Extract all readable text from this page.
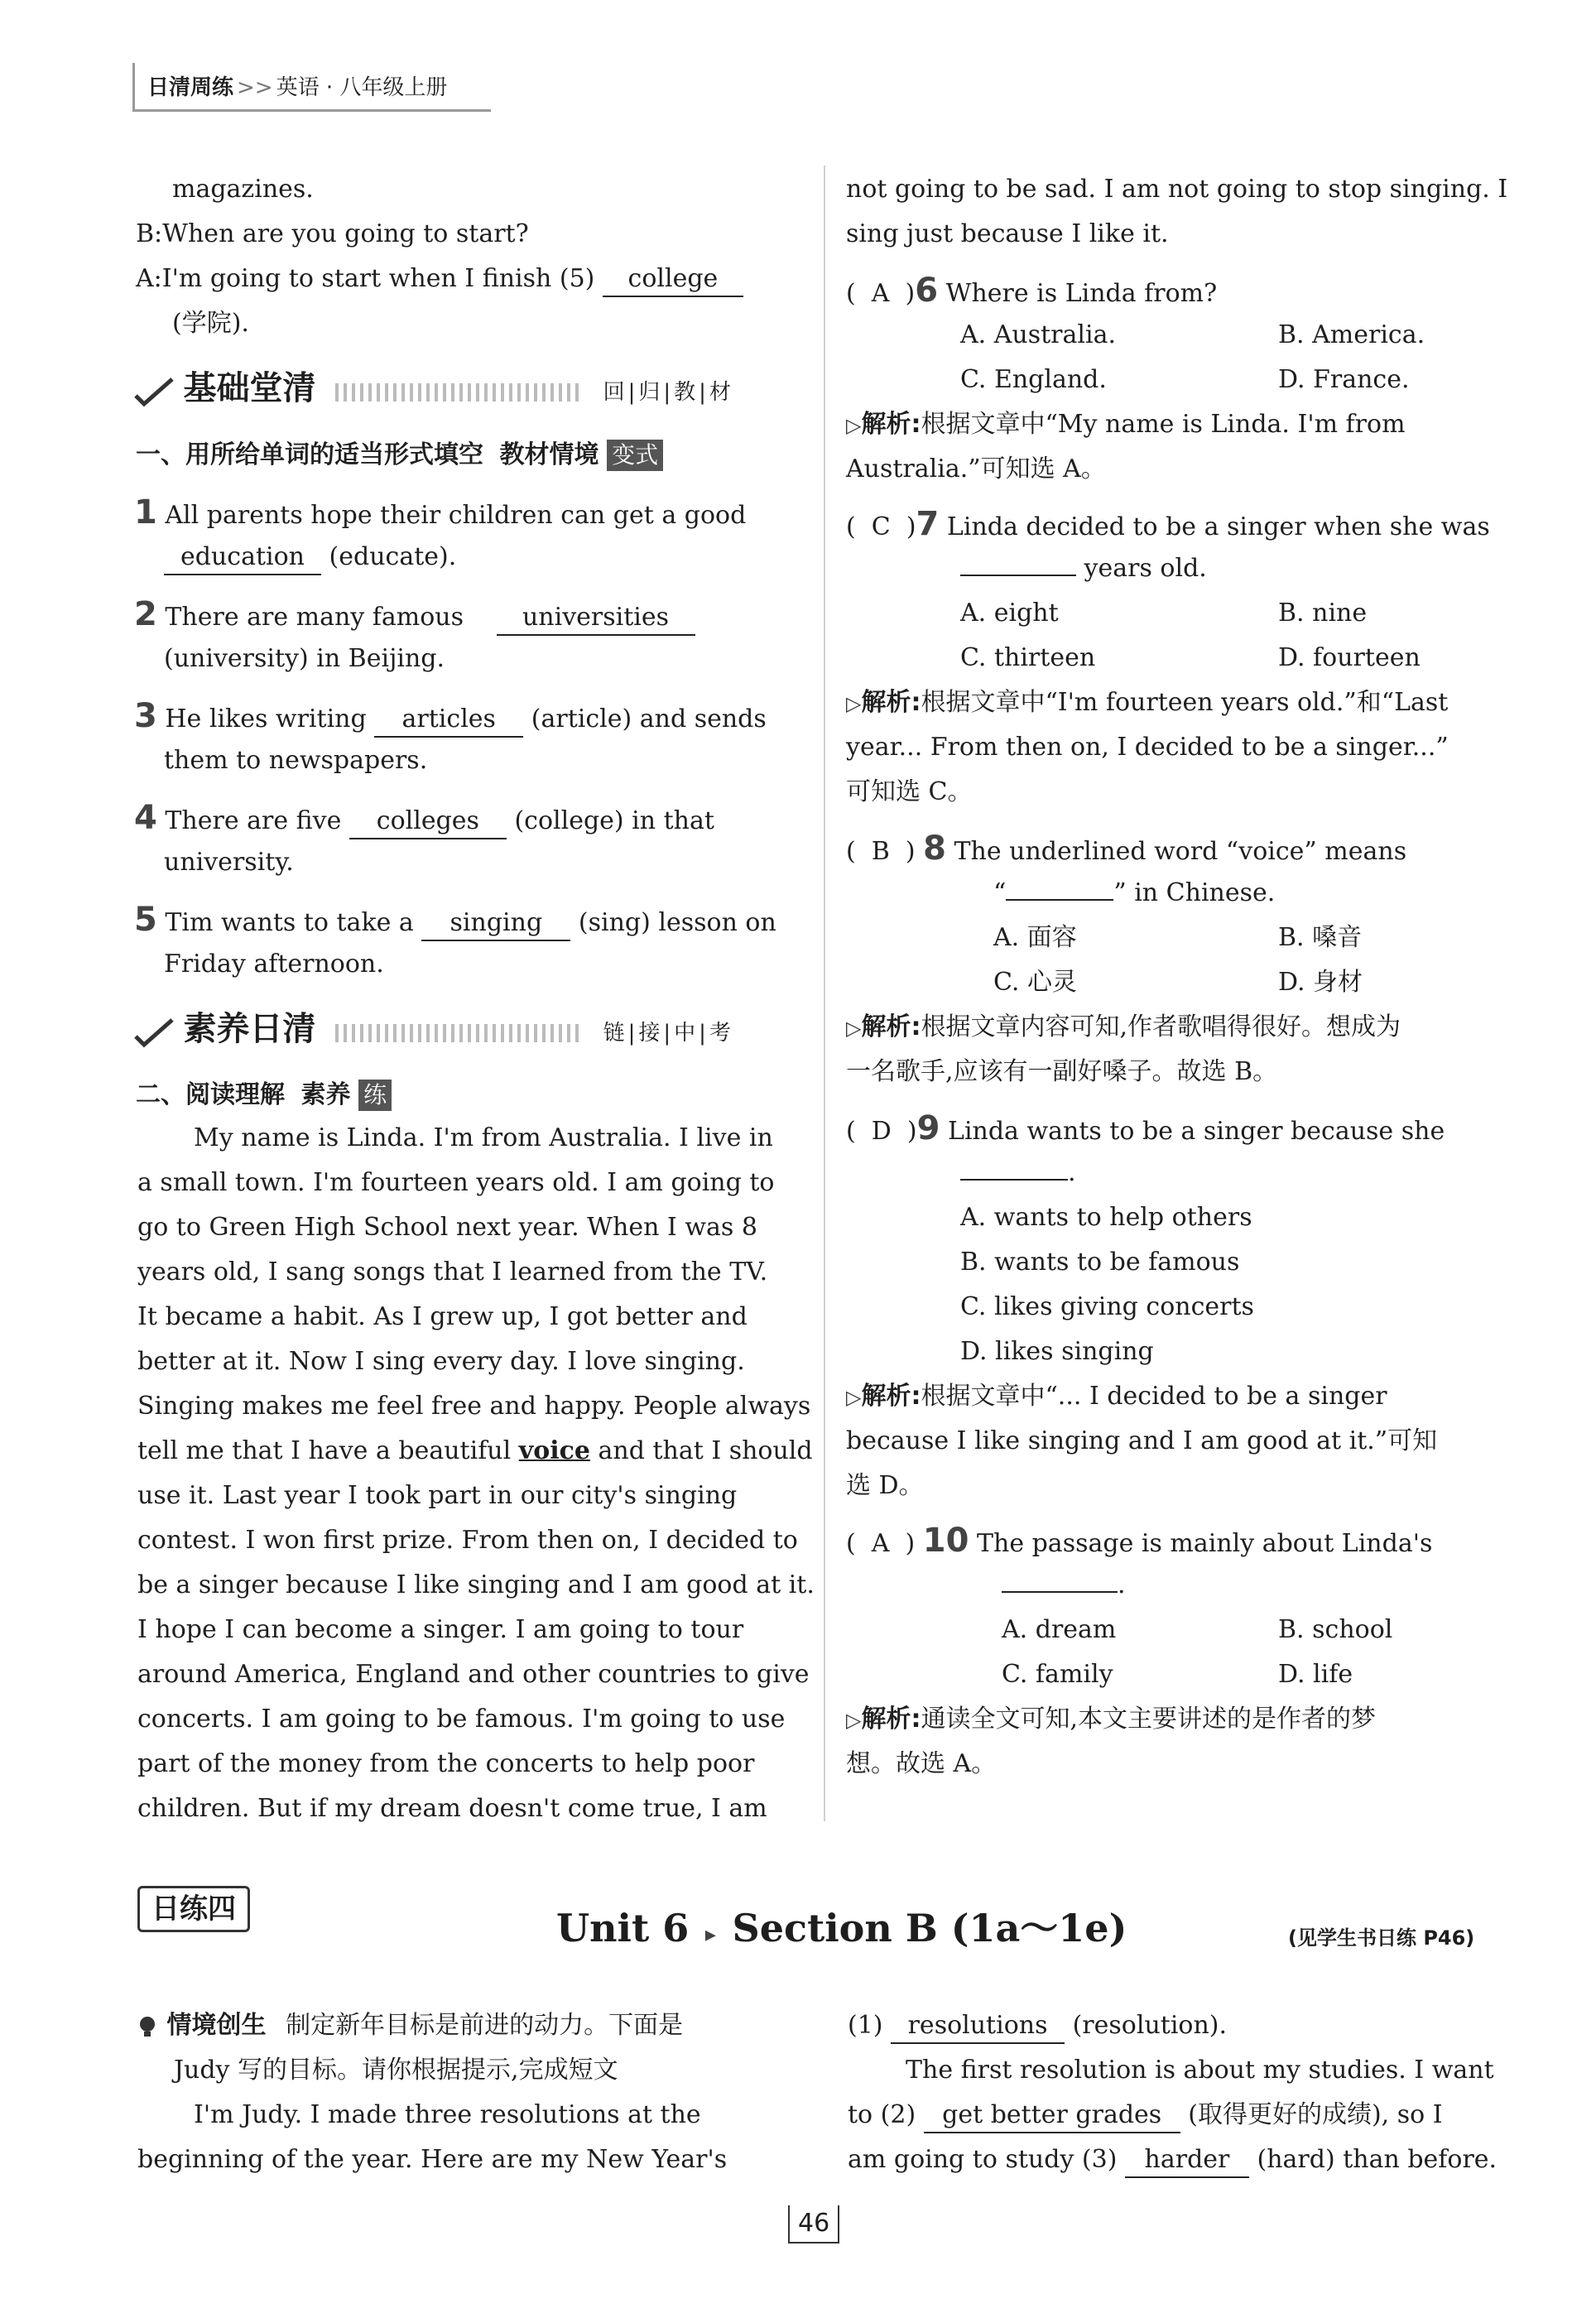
日清周练 >> 英语 · 八年级上册
magazines.
B:When are you going to start?
A:I'm going to start when I finish (5) college
(学院).
基础堂清	回|归|教|材
一、用所给单词的适当形式填空 教材情境 变式
1 All parents hope their children can get a good
education (educate).
2 There are many famous universities
(university) in Beijing.
3 He likes writing articles (article) and sends
them to newspapers.
4 There are five colleges (college) in that
university.
5 Tim wants to take a singing (sing) lesson on
Friday afternoon.
素养日清	链|接|中|考
二、阅读理解 素养 练
My name is Linda. I'm from Australia. I live in
a small town. I'm fourteen years old. I am going to
go to Green High School next year. When I was 8
years old, I sang songs that I learned from the TV.
It became a habit. As I grew up, I got better and
better at it. Now I sing every day. I love singing.
Singing makes me feel free and happy. People always
tell me that I have a beautiful voice and that I should
use it. Last year I took part in our city's singing
contest. I won first prize. From then on, I decided to
be a singer because I like singing and I am good at it.
I hope I can become a singer. I am going to tour
around America, England and other countries to give
concerts. I am going to be famous. I'm going to use
part of the money from the concerts to help poor
children. But if my dream doesn't come true, I am
not going to be sad. I am not going to stop singing. I
sing just because I like it.
(  A  )6 Where is Linda from?
A. Australia.	B. America.
C. England.	D. France.
▷解析:根据文章中“My name is Linda. I'm from
Australia.”可知选 A。
(  C  )7 Linda decided to be a singer when she was
years old.
A. eight	B. nine
C. thirteen	D. fourteen
▷解析:根据文章中“I'm fourteen years old.”和“Last
year... From then on, I decided to be a singer...”
可知选 C。
(  B  ) 8 The underlined word “voice” means
“	” in Chinese.
A. 面容	B. 嗓音
C. 心灵	D. 身材
▷解析:根据文章内容可知,作者歌唱得很好。想成为
一名歌手,应该有一副好嗓子。故选 B。
(  D  )9 Linda wants to be a singer because she
.
A. wants to help others
B. wants to be famous
C. likes giving concerts
D. likes singing
▷解析:根据文章中“... I decided to be a singer
because I like singing and I am good at it.”可知
选 D。
(  A  ) 10 The passage is mainly about Linda's
.
A. dream	B. school
C. family	D. life
▷解析:通读全文可知,本文主要讲述的是作者的梦
想。故选 A。
日练四	Unit 6 ▸ Section B (1a～1e)	(见学生书日练 P46)
情境创生 制定新年目标是前进的动力。下面是
Judy 写的目标。请你根据提示,完成短文
I'm Judy. I made three resolutions at the
beginning of the year. Here are my New Year's
(1) resolutions (resolution).
The first resolution is about my studies. I want
to (2) get better grades (取得更好的成绩), so I
am going to study (3) harder (hard) than before.
46
